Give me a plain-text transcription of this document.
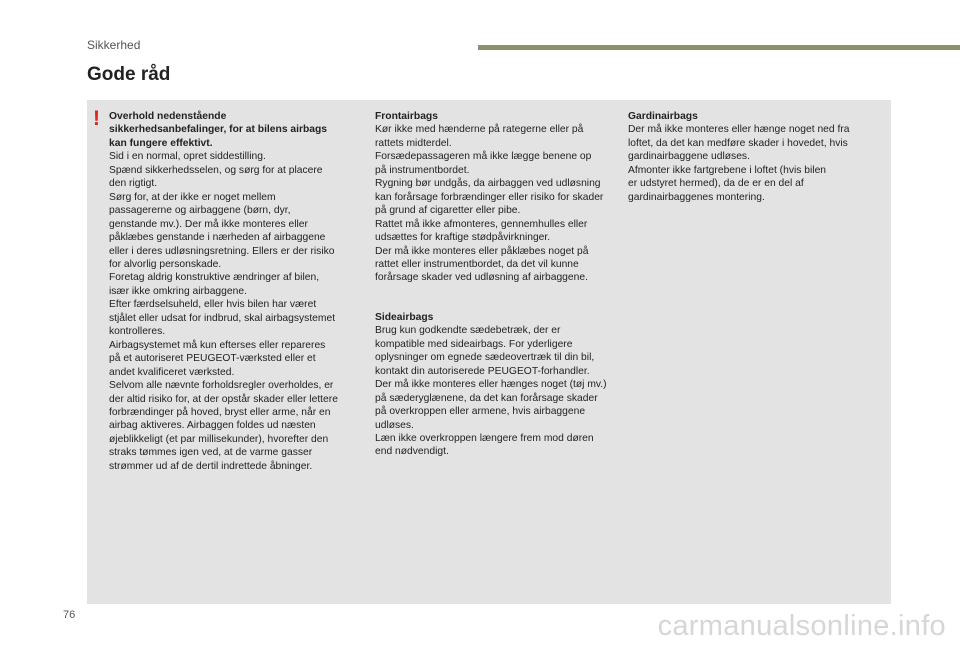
Sikkerhed
Gode råd
! Overhold nedenstående
sikkerhedsanbefalinger, for at bilens airbags
kan fungere effektivt.

Sid i en normal, opret siddestilling.
Spænd sikkerhedsselen, og sørg for at placere
den rigtigt.
Sørg for, at der ikke er noget mellem
passagererne og airbaggene (børn, dyr,
genstande mv.). Der må ikke monteres eller
påklæbes genstande i nærheden af airbaggene
eller i deres udløsningsretning. Ellers er der risiko
for alvorlig personskade.
Foretag aldrig konstruktive ændringer af bilen,
især ikke omkring airbaggene.
Efter færdselsuheld, eller hvis bilen har været
stjålet eller udsat for indbrud, skal airbagsystemet
kontrolleres.
Airbagsystemet må kun efterses eller repareres
på et autoriseret PEUGEOT-værksted eller et
andet kvalificeret værksted.
Selvom alle nævnte forholdsregler overholdes, er
der altid risiko for, at der opstår skader eller lettere
forbrændinger på hoved, bryst eller arme, når en
airbag aktiveres. Airbaggen foldes ud næsten
øjeblikkeligt (et par millisekunder), hvorefter den
straks tømmes igen ved, at de varme gasser
strømmer ud af de dertil indrettede åbninger.

Frontairbags

Kør ikke med hænderne på rategerne eller på
rattets midterdel.
Forsædepassageren må ikke lægge benene op
på instrumentbordet.
Rygning bør undgås, da airbaggen ved udløsning
kan forårsage forbrændinger eller risiko for skader
på grund af cigaretter eller pibe.
Rattet må ikke afmonteres, gennemhulles eller
udsættes for kraftige stødpåvirkninger.
Der må ikke monteres eller påklæbes noget på
rattet eller instrumentbordet, da det vil kunne
forårsage skader ved udløsning af airbaggene.

Sideairbags

Brug kun godkendte sædebetræk, der er
kompatible med sideairbags. For yderligere
oplysninger om egnede sædeovertræk til din bil,
kontakt din autoriserede PEUGEOT-forhandler.
Der må ikke monteres eller hænges noget (tøj mv.)
på sæderyglænene, da det kan forårsage skader
på overkroppen eller armene, hvis airbaggene
udløses.
Læn ikke overkroppen længere frem mod døren
end nødvendigt.

Gardinairbags

Der må ikke monteres eller hænge noget ned fra
loftet, da det kan medføre skader i hovedet, hvis
gardinairbaggene udløses.
Afmonter ikke fartgrebene i loftet (hvis bilen
er udstyret hermed), da de er en del af
gardinairbaggenes montering.

76	carmanualsonline.info
